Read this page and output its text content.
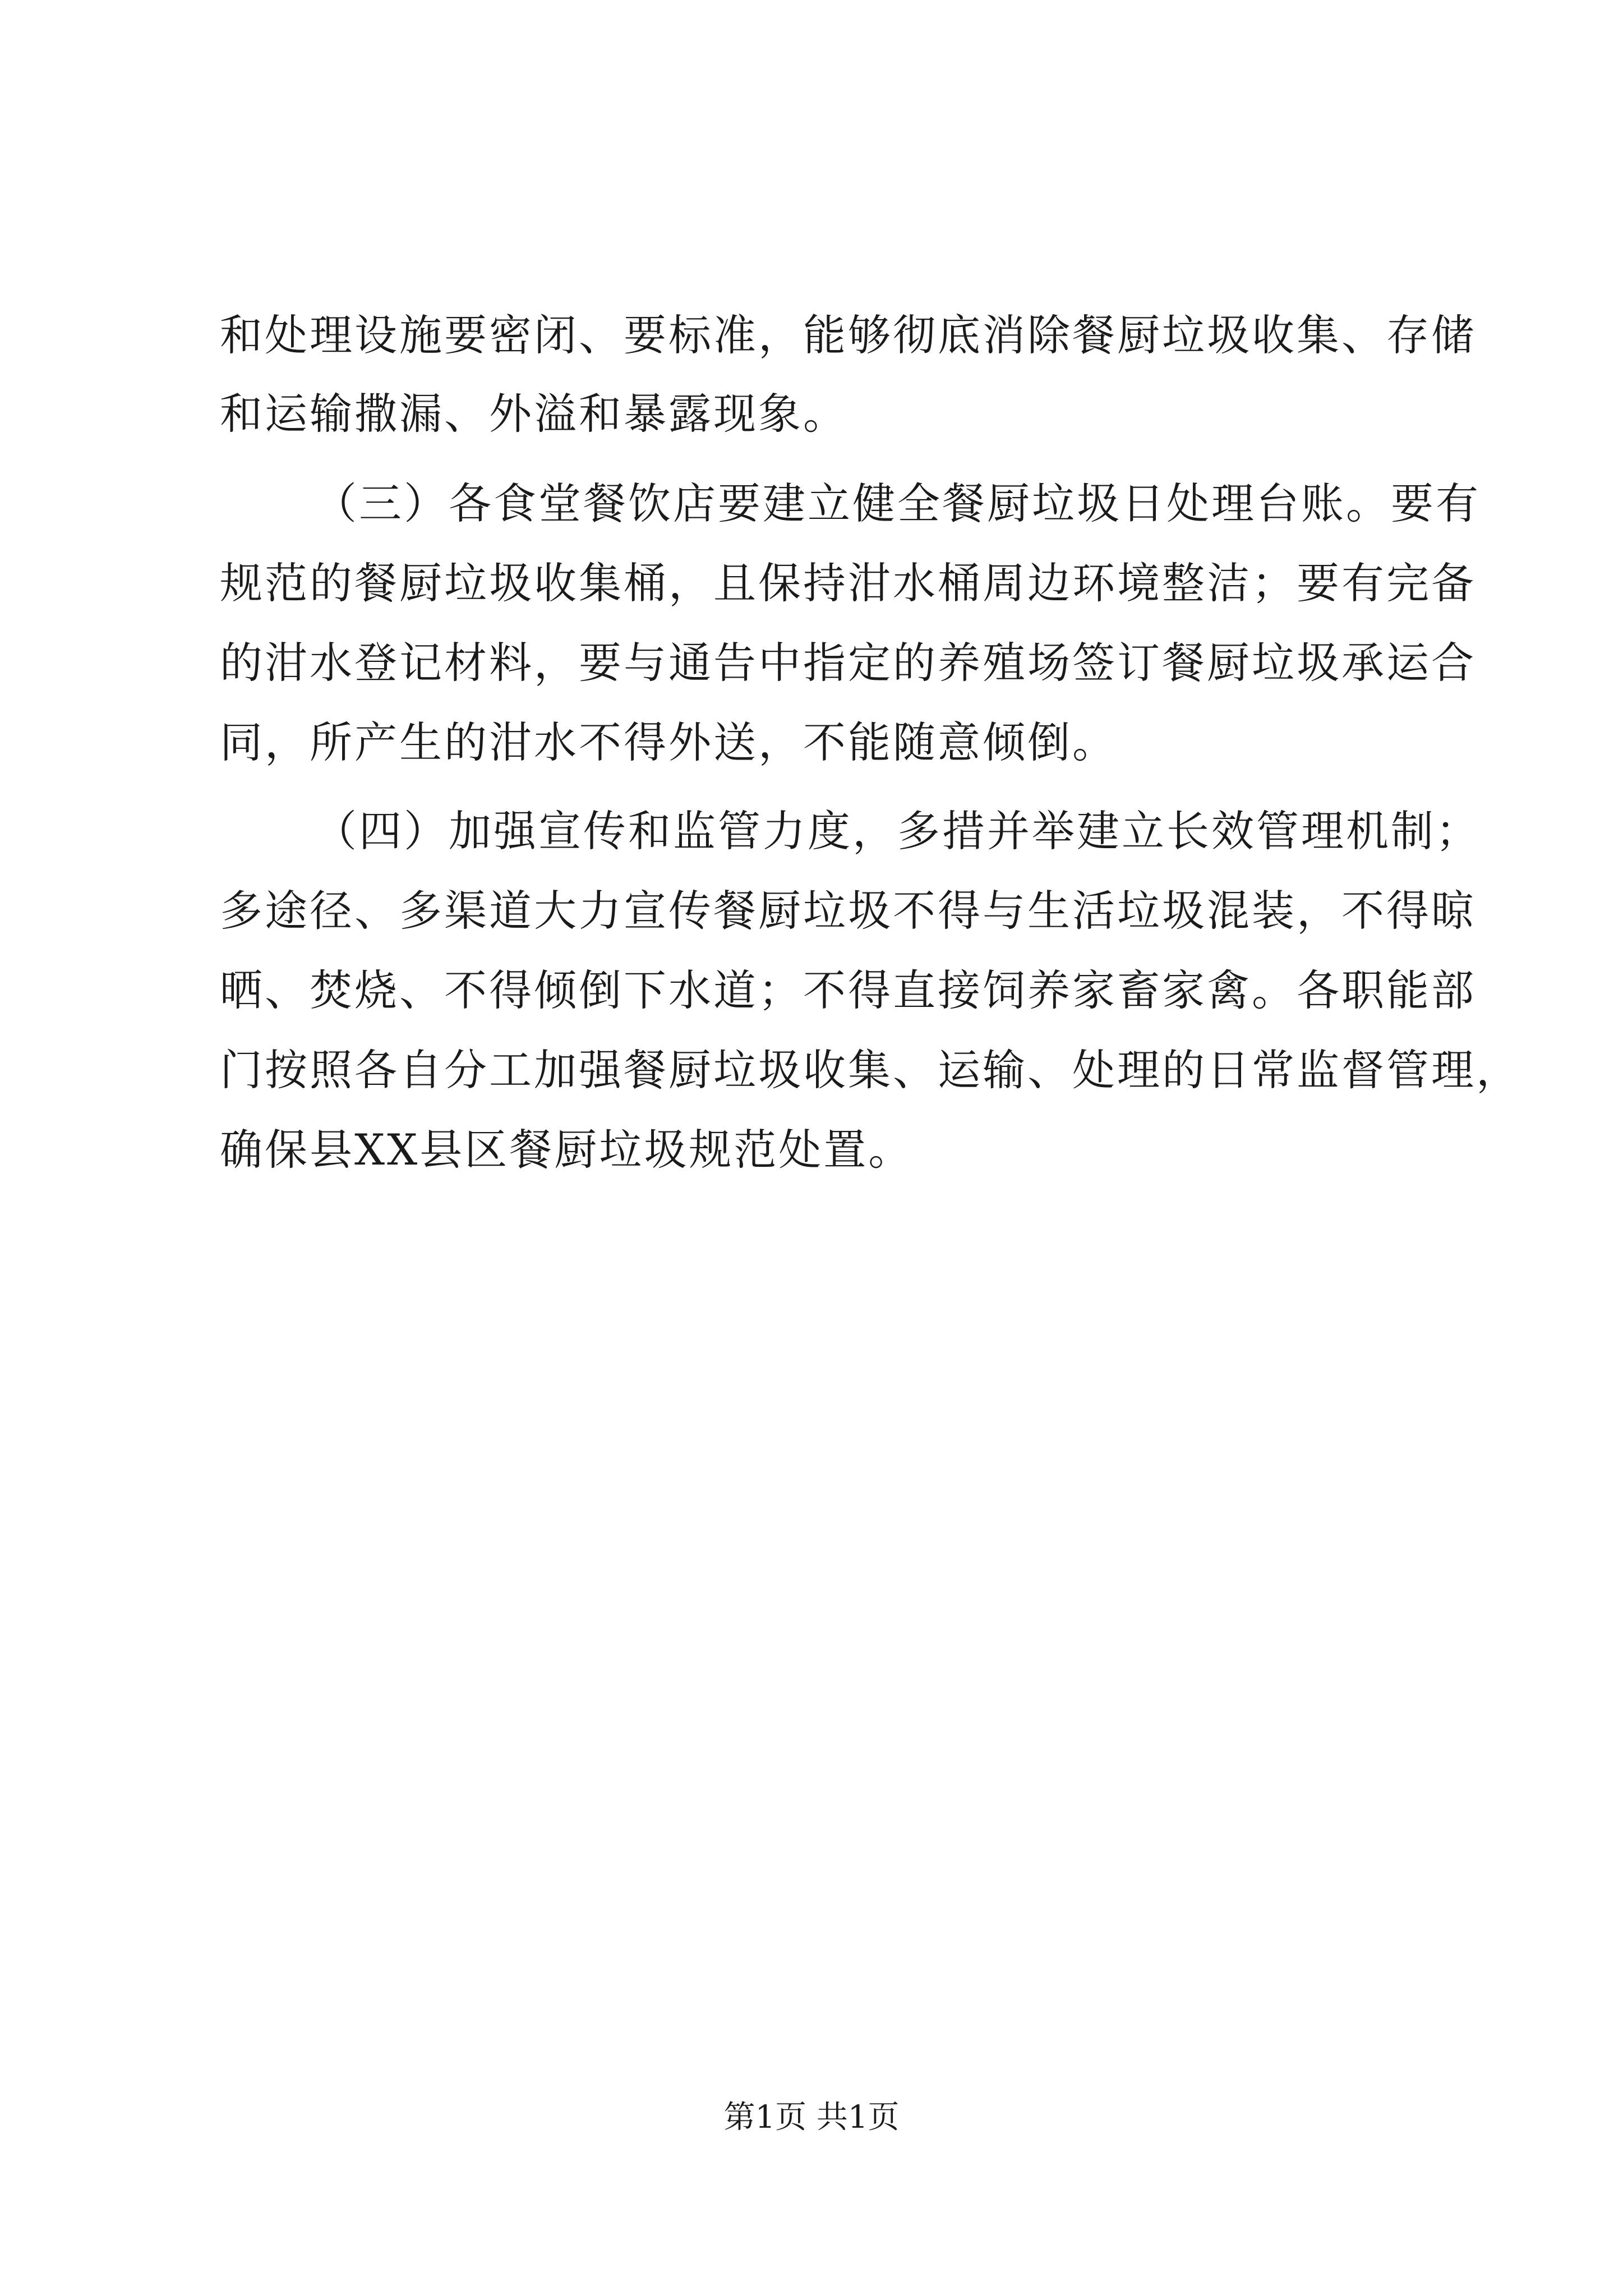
和处理设施要密闭、要标准，能够彻底消除餐厨垃圾收集、存储
和运输撒漏、外溢和暴露现象。
（三）各食堂餐饮店要建立健全餐厨垃圾日处理台账。要有
规范的餐厨垃圾收集桶，且保持泔水桶周边环境整洁；要有完备
的泔水登记材料，要与通告中指定的养殖场签订餐厨垃圾承运合
同，所产生的泔水不得外送，不能随意倾倒。
（四）加强宣传和监管力度，多措并举建立长效管理机制；
多途径、多渠道大力宣传餐厨垃圾不得与生活垃圾混装，不得晾
晒、焚烧、不得倾倒下水道；不得直接饲养家畜家禽。各职能部
门按照各自分工加强餐厨垃圾收集、运输、处理的日常监督管理，
确保县XX县区餐厨垃圾规范处置。
第1页 共1页
